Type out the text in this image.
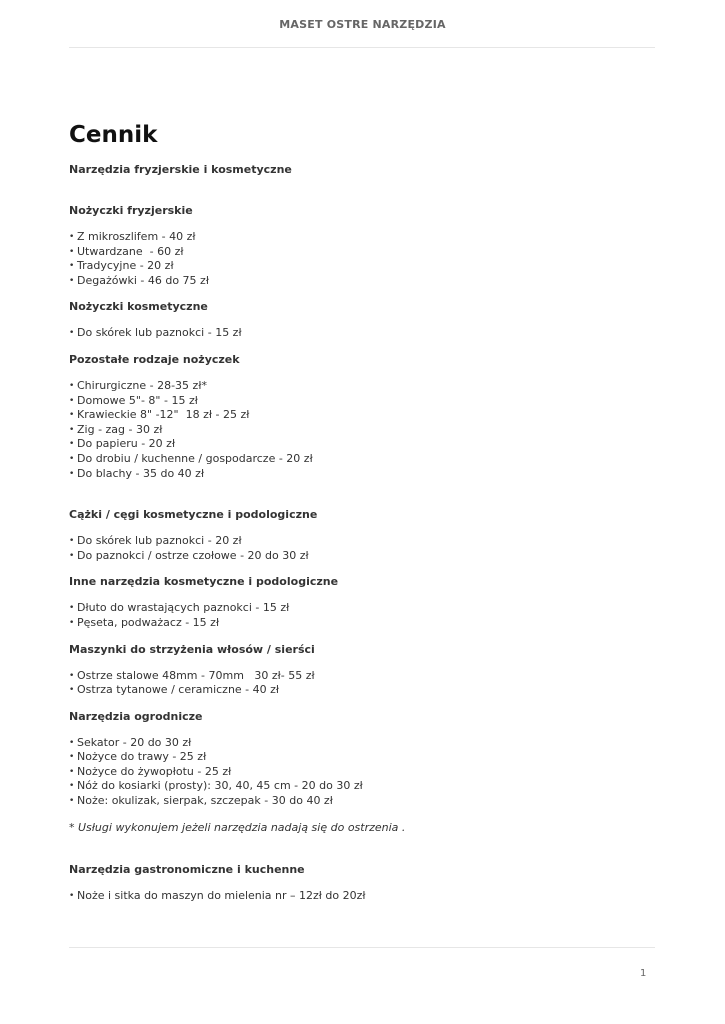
MASET OSTRE NARZĘDZIA
Cennik

Narzędzia fryzjerskie i kosmetyczne

Nożyczki fryzjerskie

• Z mikroszlifem - 40 zł
• Utwardzane  - 60 zł
• Tradycyjne - 20 zł
• Degażówki - 46 do 75 zł

Nożyczki kosmetyczne

• Do skórek lub paznokci - 15 zł

Pozostałe rodzaje nożyczek

• Chirurgiczne - 28-35 zł*
• Domowe 5"- 8" - 15 zł
• Krawieckie 8" -12"  18 zł - 25 zł
• Zig - zag - 30 zł
• Do papieru - 20 zł
• Do drobiu / kuchenne / gospodarcze - 20 zł
• Do blachy - 35 do 40 zł

Cążki / cęgi kosmetyczne i podologiczne

• Do skórek lub paznokci - 20 zł
• Do paznokci / ostrze czołowe - 20 do 30 zł

Inne narzędzia kosmetyczne i podologiczne

• Dłuto do wrastających paznokci - 15 zł
• Pęseta, podważacz - 15 zł

Maszynki do strzyżenia włosów / sierści

• Ostrze stalowe 48mm - 70mm   30 zł- 55 zł
• Ostrza tytanowe / ceramiczne - 40 zł

Narzędzia ogrodnicze

• Sekator - 20 do 30 zł
• Nożyce do trawy - 25 zł
• Nożyce do żywopłotu - 25 zł
• Nóż do kosiarki (prosty): 30, 40, 45 cm - 20 do 30 zł
• Noże: okulizak, sierpak, szczepak - 30 do 40 zł

* Usługi wykonujem jeżeli narzędzia nadają się do ostrzenia .

Narzędzia gastronomiczne i kuchenne

• Noże i sitka do maszyn do mielenia nr – 12zł do 20zł
1
